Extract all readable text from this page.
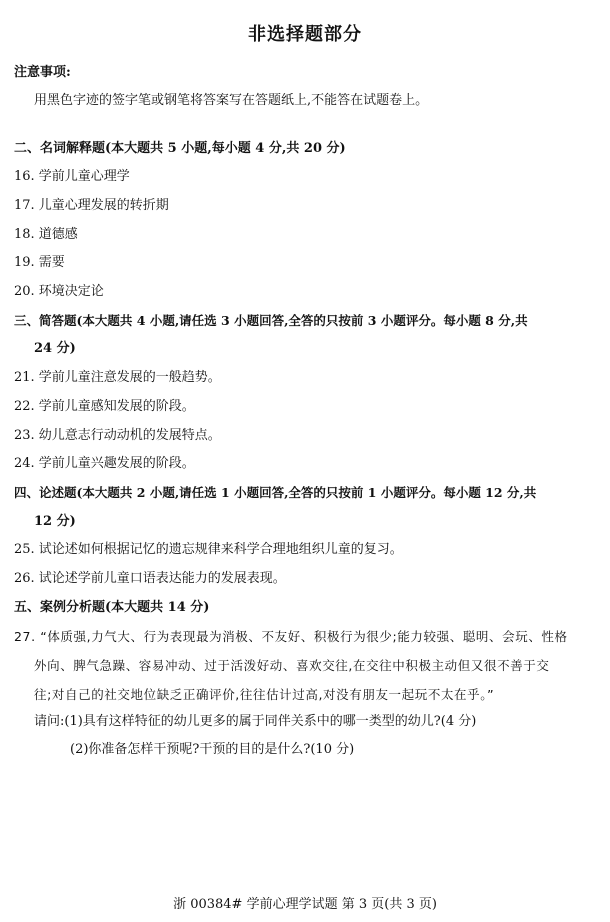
非选择题部分
注意事项:
用黑色字迹的签字笔或钢笔将答案写在答题纸上,不能答在试题卷上。
二、名词解释题(本大题共 5 小题,每小题 4 分,共 20 分)
16. 学前儿童心理学
17. 儿童心理发展的转折期
18. 道德感
19. 需要
20. 环境决定论
三、简答题(本大题共 4 小题,请任选 3 小题回答,全答的只按前 3 小题评分。每小题 8 分,共
24 分)
21. 学前儿童注意发展的一般趋势。
22. 学前儿童感知发展的阶段。
23. 幼儿意志行动动机的发展特点。
24. 学前儿童兴趣发展的阶段。
四、论述题(本大题共 2 小题,请任选 1 小题回答,全答的只按前 1 小题评分。每小题 12 分,共
12 分)
25. 试论述如何根据记忆的遗忘规律来科学合理地组织儿童的复习。
26. 试论述学前儿童口语表达能力的发展表现。
五、案例分析题(本大题共 14 分)
27. “体质强,力气大、行为表现最为消极、不友好、积极行为很少;能力较强、聪明、会玩、性格
外向、脾气急躁、容易冲动、过于活泼好动、喜欢交往,在交往中积极主动但又很不善于交
往;对自己的社交地位缺乏正确评价,往往估计过高,对没有朋友一起玩不太在乎。”
请问:(1)具有这样特征的幼儿更多的属于同伴关系中的哪一类型的幼儿?(4 分)
(2)你准备怎样干预呢?干预的目的是什么?(10 分)
浙 00384# 学前心理学试题 第 3 页(共 3 页)
